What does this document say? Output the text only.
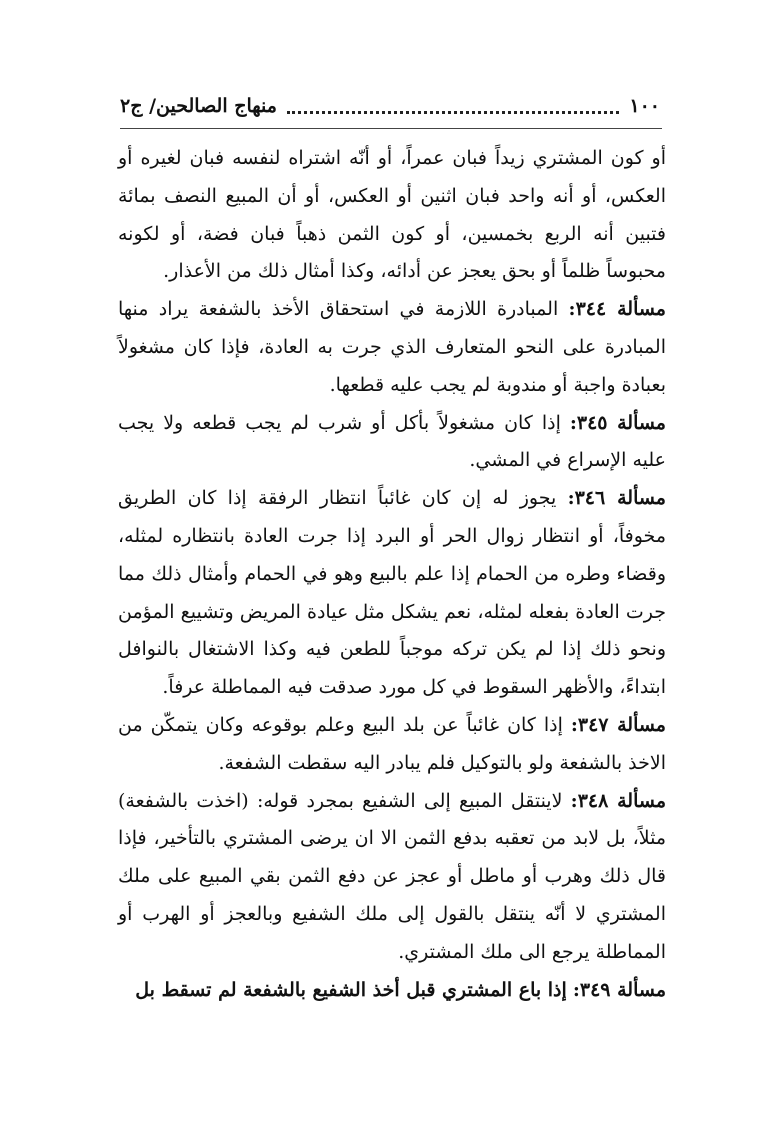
١٠٠
منهاج الصالحين/ ج٢

أو كون المشتري زيداً فبان عمراً، أو أنّه اشتراه لنفسه فبان لغيره أو العكس، أو أنه واحد فبان اثنين أو العكس، أو أن المبيع النصف بمائة فتبين أنه الربع بخمسين، أو كون الثمن ذهباً فبان فضة، أو لكونه محبوساً ظلماً أو بحق يعجز عن أدائه، وكذا أمثال ذلك من الأعذار.

مسألة ٣٤٤: المبادرة اللازمة في استحقاق الأخذ بالشفعة يراد منها المبادرة على النحو المتعارف الذي جرت به العادة، فإذا كان مشغولاً بعبادة واجبة أو مندوبة لم يجب عليه قطعها.

مسألة ٣٤٥: إذا كان مشغولاً بأكل أو شرب لم يجب قطعه ولا يجب عليه الإسراع في المشي.

مسألة ٣٤٦: يجوز له إن كان غائباً انتظار الرفقة إذا كان الطريق مخوفاً، أو انتظار زوال الحر أو البرد إذا جرت العادة بانتظاره لمثله، وقضاء وطره من الحمام إذا علم بالبيع وهو في الحمام وأمثال ذلك مما جرت العادة بفعله لمثله، نعم يشكل مثل عيادة المريض وتشييع المؤمن ونحو ذلك إذا لم يكن تركه موجباً للطعن فيه وكذا الاشتغال بالنوافل ابتداءً، والأظهر السقوط في كل مورد صدقت فيه المماطلة عرفاً.

مسألة ٣٤٧: إذا كان غائباً عن بلد البيع وعلم بوقوعه وكان يتمكّن من الاخذ بالشفعة ولو بالتوكيل فلم يبادر اليه سقطت الشفعة.

مسألة ٣٤٨: لاينتقل المبيع إلى الشفيع بمجرد قوله: (اخذت بالشفعة) مثلاً، بل لابد من تعقبه بدفع الثمن الا ان يرضى المشتري بالتأخير، فإذا قال ذلك وهرب أو ماطل أو عجز عن دفع الثمن بقي المبيع على ملك المشتري لا أنّه ينتقل بالقول إلى ملك الشفيع وبالعجز أو الهرب أو المماطلة يرجع الى ملك المشتري.

مسألة ٣٤٩: إذا باع المشتري قبل أخذ الشفيع بالشفعة لم تسقط بل
